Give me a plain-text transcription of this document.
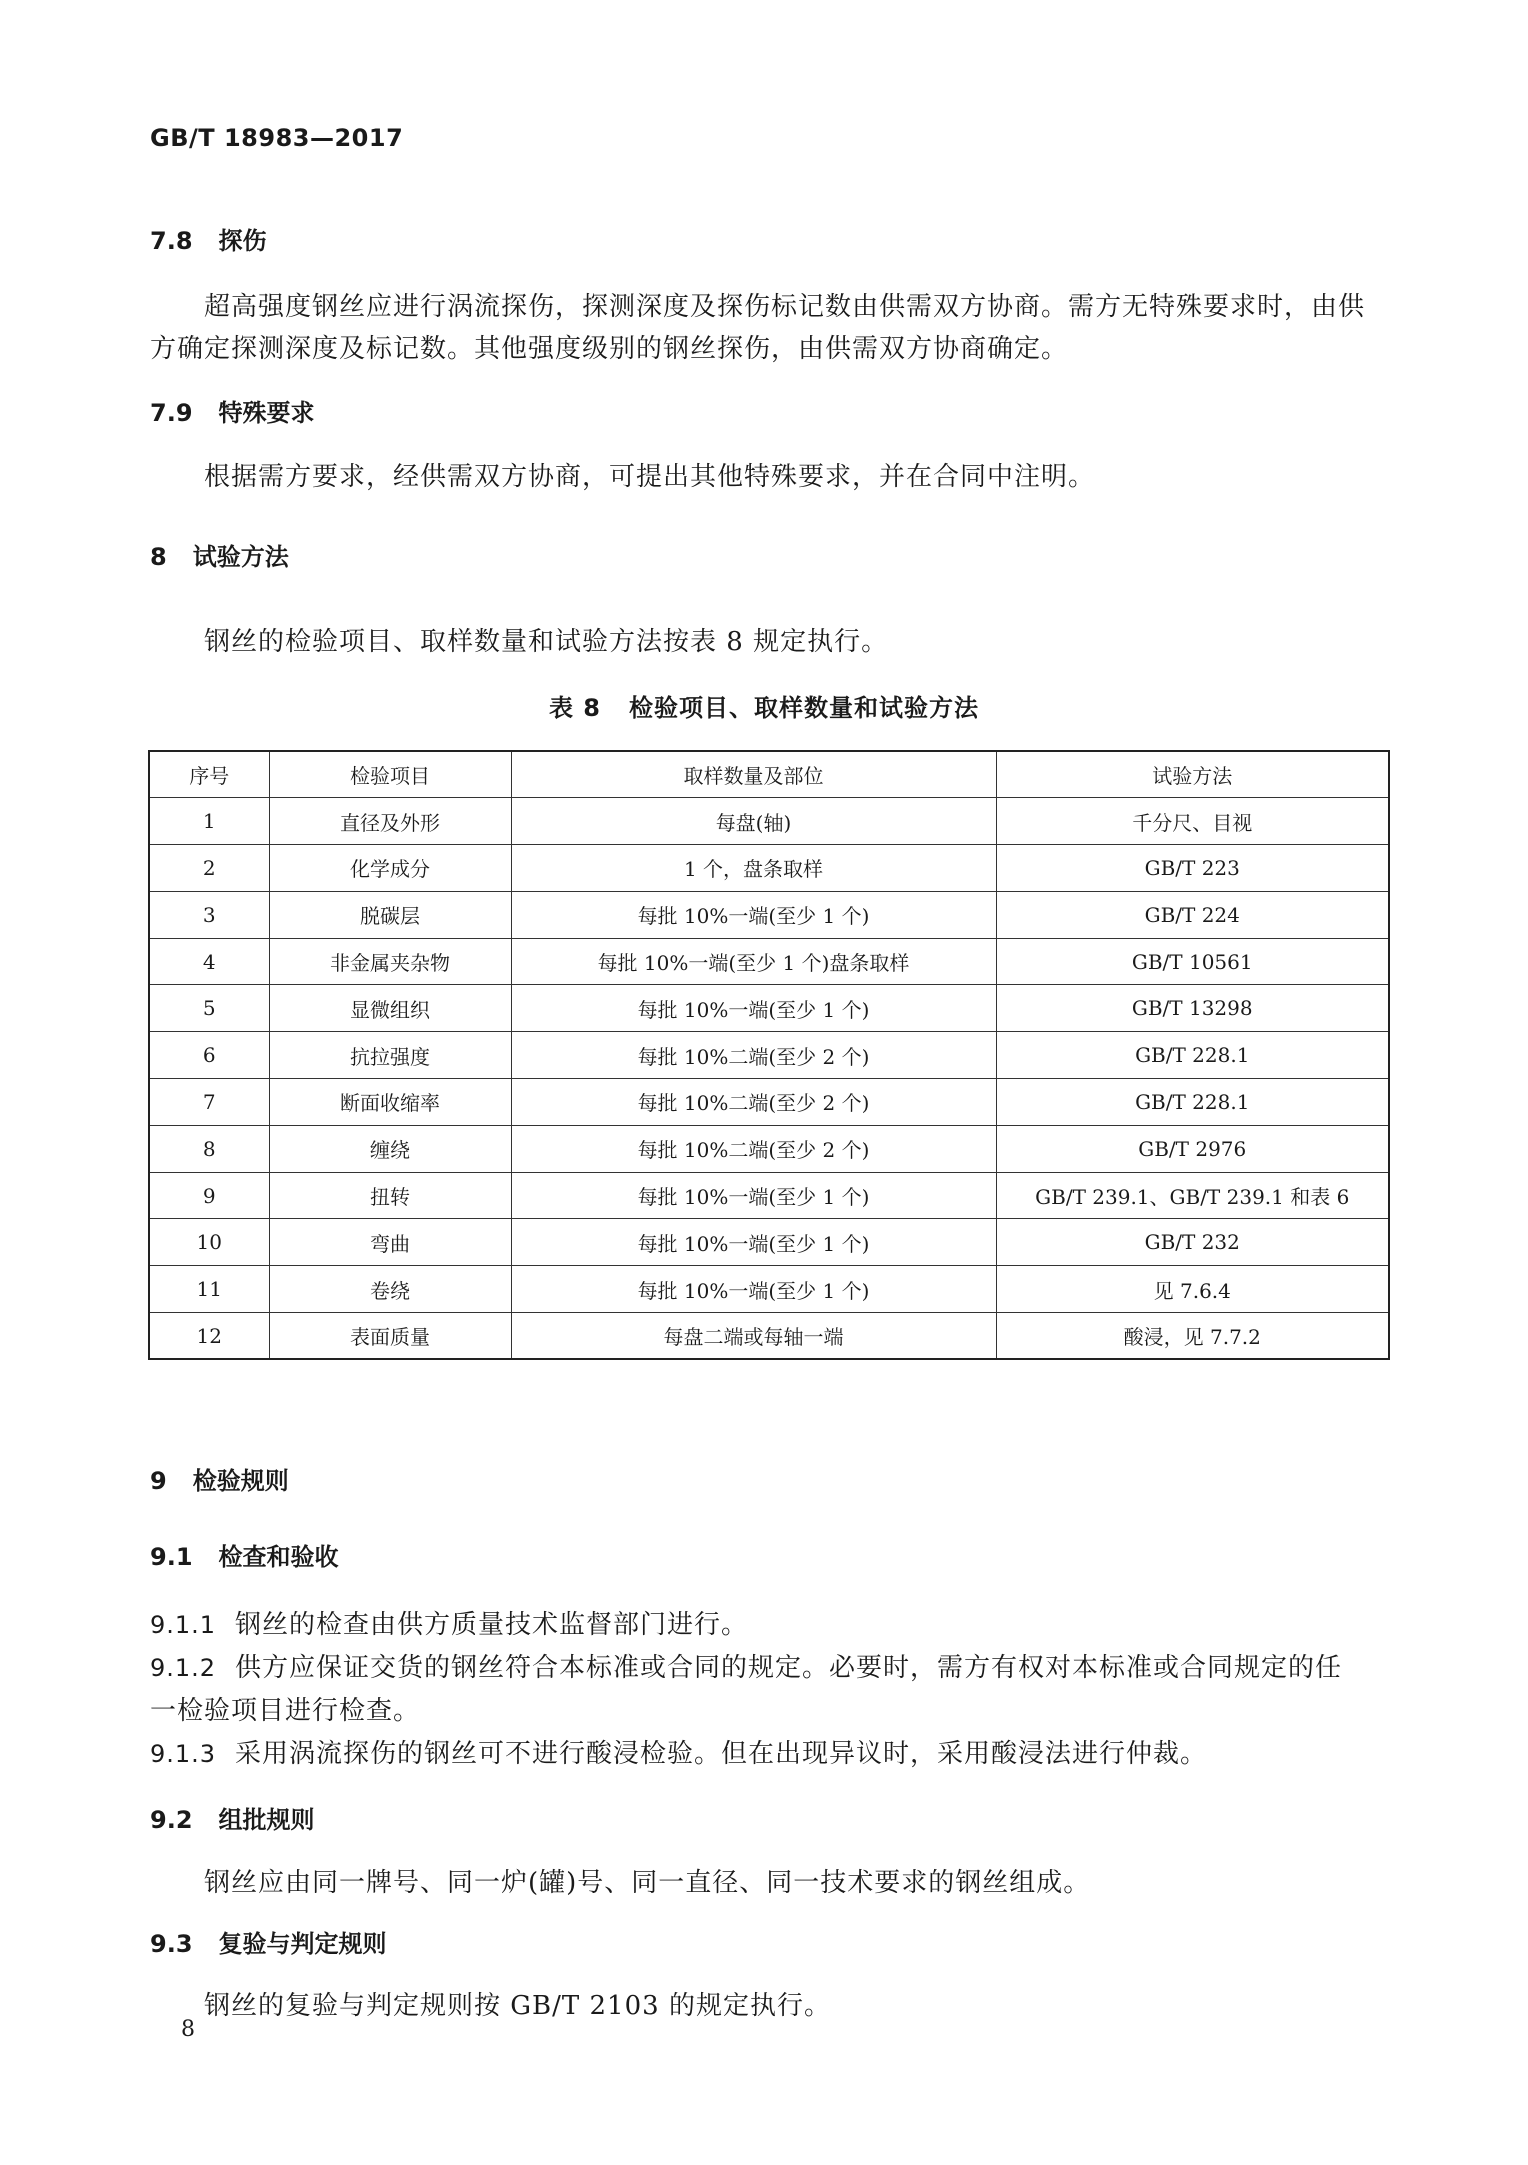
GB/T 18983—2017
7.8 探伤
超高强度钢丝应进行涡流探伤，探测深度及探伤标记数由供需双方协商。需方无特殊要求时，由供
方确定探测深度及标记数。其他强度级别的钢丝探伤，由供需双方协商确定。
7.9 特殊要求
根据需方要求，经供需双方协商，可提出其他特殊要求，并在合同中注明。
8 试验方法
钢丝的检验项目、取样数量和试验方法按表 8 规定执行。
表 8   检验项目、取样数量和试验方法
序号	检验项目	取样数量及部位	试验方法
1	直径及外形	每盘(轴)	千分尺、目视
2	化学成分	1 个，盘条取样	GB/T 223
3	脱碳层	每批 10%一端(至少 1 个)	GB/T 224
4	非金属夹杂物	每批 10%一端(至少 1 个)盘条取样	GB/T 10561
5	显微组织	每批 10%一端(至少 1 个)	GB/T 13298
6	抗拉强度	每批 10%二端(至少 2 个)	GB/T 228.1
7	断面收缩率	每批 10%二端(至少 2 个)	GB/T 228.1
8	缠绕	每批 10%二端(至少 2 个)	GB/T 2976
9	扭转	每批 10%一端(至少 1 个)	GB/T 239.1、GB/T 239.1 和表 6
10	弯曲	每批 10%一端(至少 1 个)	GB/T 232
11	卷绕	每批 10%一端(至少 1 个)	见 7.6.4
12	表面质量	每盘二端或每轴一端	酸浸，见 7.7.2
9 检验规则
9.1 检查和验收
9.1.1 钢丝的检查由供方质量技术监督部门进行。
9.1.2 供方应保证交货的钢丝符合本标准或合同的规定。必要时，需方有权对本标准或合同规定的任
一检验项目进行检查。
9.1.3 采用涡流探伤的钢丝可不进行酸浸检验。但在出现异议时，采用酸浸法进行仲裁。
9.2 组批规则
钢丝应由同一牌号、同一炉(罐)号、同一直径、同一技术要求的钢丝组成。
9.3 复验与判定规则
钢丝的复验与判定规则按 GB/T 2103 的规定执行。
8
